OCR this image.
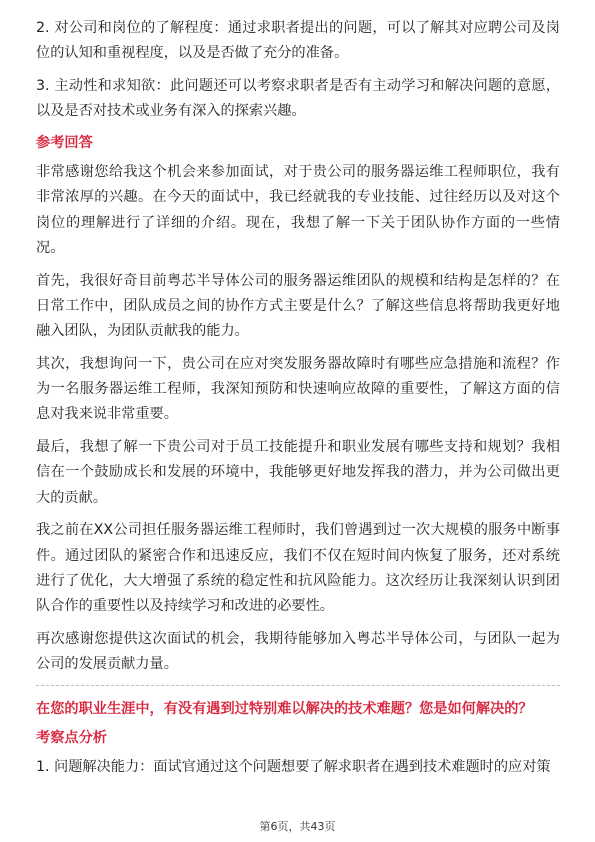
2. 对公司和岗位的了解程度：通过求职者提出的问题，可以了解其对应聘公司及岗位的认知和重视程度，以及是否做了充分的准备。

3. 主动性和求知欲：此问题还可以考察求职者是否有主动学习和解决问题的意愿，以及是否对技术或业务有深入的探索兴趣。

参考回答

非常感谢您给我这个机会来参加面试，对于贵公司的服务器运维工程师职位，我有非常浓厚的兴趣。在今天的面试中，我已经就我的专业技能、过往经历以及对这个岗位的理解进行了详细的介绍。现在，我想了解一下关于团队协作方面的一些情况。

首先，我很好奇目前粤芯半导体公司的服务器运维团队的规模和结构是怎样的？在日常工作中，团队成员之间的协作方式主要是什么？了解这些信息将帮助我更好地融入团队，为团队贡献我的能力。

其次，我想询问一下，贵公司在应对突发服务器故障时有哪些应急措施和流程？作为一名服务器运维工程师，我深知预防和快速响应故障的重要性，了解这方面的信息对我来说非常重要。

最后，我想了解一下贵公司对于员工技能提升和职业发展有哪些支持和规划？我相信在一个鼓励成长和发展的环境中，我能够更好地发挥我的潜力，并为公司做出更大的贡献。

我之前在XX公司担任服务器运维工程师时，我们曾遇到过一次大规模的服务中断事件。通过团队的紧密合作和迅速反应，我们不仅在短时间内恢复了服务，还对系统进行了优化，大大增强了系统的稳定性和抗风险能力。这次经历让我深刻认识到团队合作的重要性以及持续学习和改进的必要性。

再次感谢您提供这次面试的机会，我期待能够加入粤芯半导体公司，与团队一起为公司的发展贡献力量。

在您的职业生涯中，有没有遇到过特别难以解决的技术难题？您是如何解决的？
考察点分析

1. 问题解决能力：面试官通过这个问题想要了解求职者在遇到技术难题时的应对策

第6页，共43页
